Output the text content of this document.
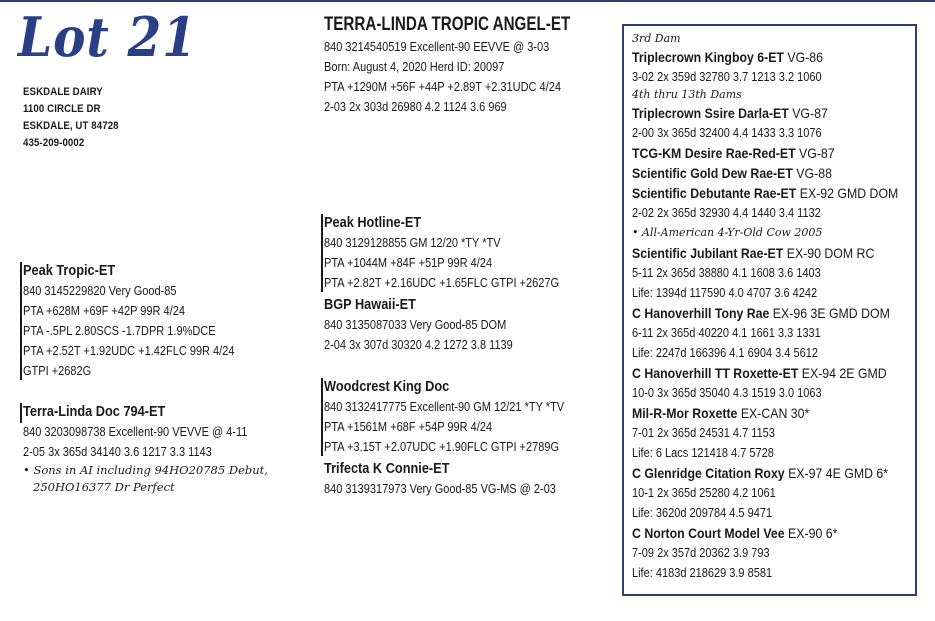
Lot 21
ESKDALE DAIRY
1100 CIRCLE DR
ESKDALE, UT 84728
435-209-0002
TERRA-LINDA TROPIC ANGEL-ET
840 3214540519 Excellent-90 EEVVE @ 3-03
Born: August 4, 2020 Herd ID: 20097
PTA +1290M +56F +44P +2.89T +2.31UDC 4/24
2-03 2x 303d 26980 4.2 1124 3.6 969
Peak Tropic-ET
840 3145229820 Very Good-85
PTA +628M +69F +42P 99R 4/24
PTA -.5PL 2.80SCS -1.7DPR 1.9%DCE
PTA +2.52T +1.92UDC +1.42FLC 99R 4/24
GTPI +2682G
Terra-Linda Doc 794-ET
840 3203098738 Excellent-90 VEVVE @ 4-11
2-05 3x 365d 34140 3.6 1217 3.3 1143
• Sons in AI including 94HO20785 Debut,
250HO16377 Dr Perfect
Peak Hotline-ET
840 3129128855 GM 12/20 *TY *TV
PTA +1044M +84F +51P 99R 4/24
PTA +2.82T +2.16UDC +1.65FLC GTPI +2627G
BGP Hawaii-ET
840 3135087033 Very Good-85 DOM
2-04 3x 307d 30320 4.2 1272 3.8 1139
Woodcrest King Doc
840 3132417775 Excellent-90 GM 12/21 *TY *TV
PTA +1561M +68F +54P 99R 4/24
PTA +3.15T +2.07UDC +1.90FLC GTPI +2789G
Trifecta K Connie-ET
840 3139317973 Very Good-85 VG-MS @ 2-03
3rd Dam
Triplecrown Kingboy 6-ET VG-86
3-02 2x 359d 32780 3.7 1213 3.2 1060
4th thru 13th Dams
Triplecrown Ssire Darla-ET VG-87
2-00 3x 365d 32400 4.4 1433 3.3 1076
TCG-KM Desire Rae-Red-ET VG-87
Scientific Gold Dew Rae-ET VG-88
Scientific Debutante Rae-ET EX-92 GMD DOM
2-02 2x 365d 32930 4.4 1440 3.4 1132
• All-American 4-Yr-Old Cow 2005
Scientific Jubilant Rae-ET EX-90 DOM RC
5-11 2x 365d 38880 4.1 1608 3.6 1403
Life: 1394d 117590 4.0 4707 3.6 4242
C Hanoverhill Tony Rae EX-96 3E GMD DOM
6-11 2x 365d 40220 4.1 1661 3.3 1331
Life: 2247d 166396 4.1 6904 3.4 5612
C Hanoverhill TT Roxette-ET EX-94 2E GMD
10-0 3x 365d 35040 4.3 1519 3.0 1063
Mil-R-Mor Roxette EX-CAN 30*
7-01 2x 365d 24531 4.7 1153
Life: 6 Lacs 121418 4.7 5728
C Glenridge Citation Roxy EX-97 4E GMD 6*
10-1 2x 365d 25280 4.2 1061
Life: 3620d 209784 4.5 9471
C Norton Court Model Vee EX-90 6*
7-09 2x 357d 20362 3.9 793
Life: 4183d 218629 3.9 8581
